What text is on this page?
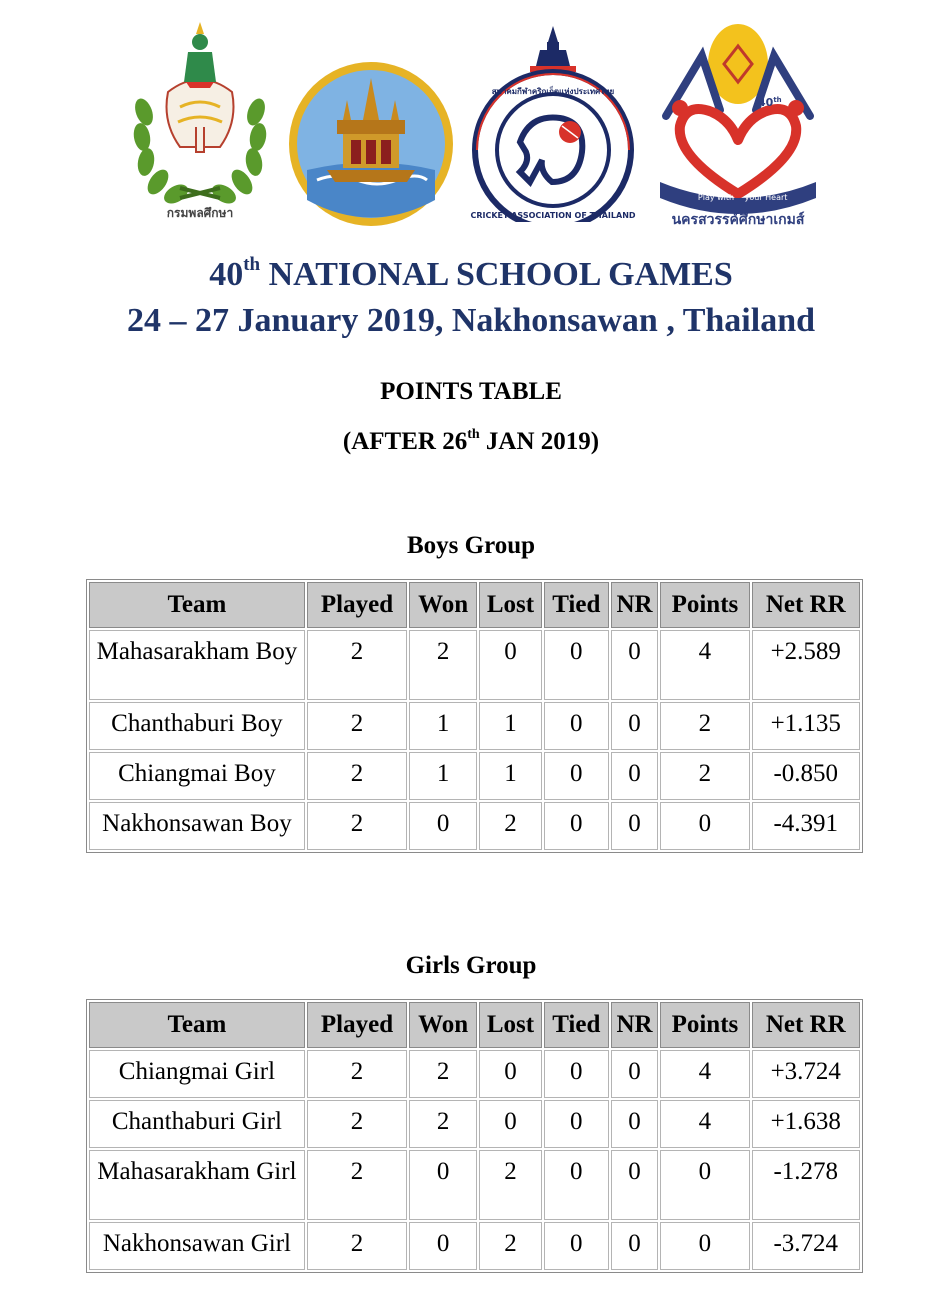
กรมพลศึกษา
สมาคมกีฬาคริกเก็ตแห่งประเทศไทย
CRICKET ASSOCIATION OF THAILAND
40th
Play with your Heart
นครสวรรค์ศึกษาเกมส์
40th NATIONAL SCHOOL GAMES
24 – 27 January 2019, Nakhonsawan , Thailand
POINTS TABLE
(AFTER 26th JAN 2019)
Boys Group
Team	Played	Won	Lost	Tied	NR	Points	Net RR
Mahasarakham Boy	2	2	0	0	0	4	+2.589
Chanthaburi Boy	2	1	1	0	0	2	+1.135
Chiangmai Boy	2	1	1	0	0	2	-0.850
Nakhonsawan Boy	2	0	2	0	0	0	-4.391
Girls Group
Team	Played	Won	Lost	Tied	NR	Points	Net RR
Chiangmai Girl	2	2	0	0	0	4	+3.724
Chanthaburi Girl	2	2	0	0	0	4	+1.638
Mahasarakham Girl	2	0	2	0	0	0	-1.278
Nakhonsawan Girl	2	0	2	0	0	0	-3.724
